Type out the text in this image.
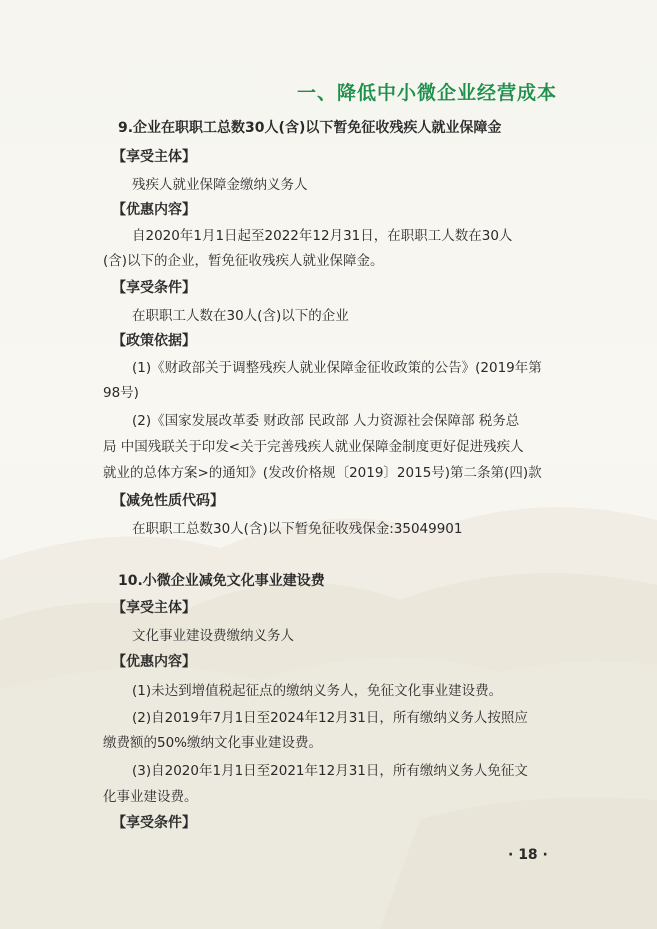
一、降低中小微企业经营成本
9.企业在职职工总数30人(含)以下暂免征收残疾人就业保障金
【享受主体】
残疾人就业保障金缴纳义务人
【优惠内容】
自2020年1月1日起至2022年12月31日，在职职工人数在30人
(含)以下的企业，暂免征收残疾人就业保障金。
【享受条件】
在职职工人数在30人(含)以下的企业
【政策依据】
(1)《财政部关于调整残疾人就业保障金征收政策的公告》(2019年第
98号)
(2)《国家发展改革委 财政部 民政部 人力资源社会保障部 税务总
局 中国残联关于印发<关于完善残疾人就业保障金制度更好促进残疾人
就业的总体方案>的通知》(发改价格规〔2019〕2015号)第二条第(四)款
【减免性质代码】
在职职工总数30人(含)以下暂免征收残保金:35049901
10.小微企业减免文化事业建设费
【享受主体】
文化事业建设费缴纳义务人
【优惠内容】
(1)未达到增值税起征点的缴纳义务人，免征文化事业建设费。
(2)自2019年7月1日至2024年12月31日，所有缴纳义务人按照应
缴费额的50%缴纳文化事业建设费。
(3)自2020年1月1日至2021年12月31日，所有缴纳义务人免征文
化事业建设费。
【享受条件】
· 18 ·
